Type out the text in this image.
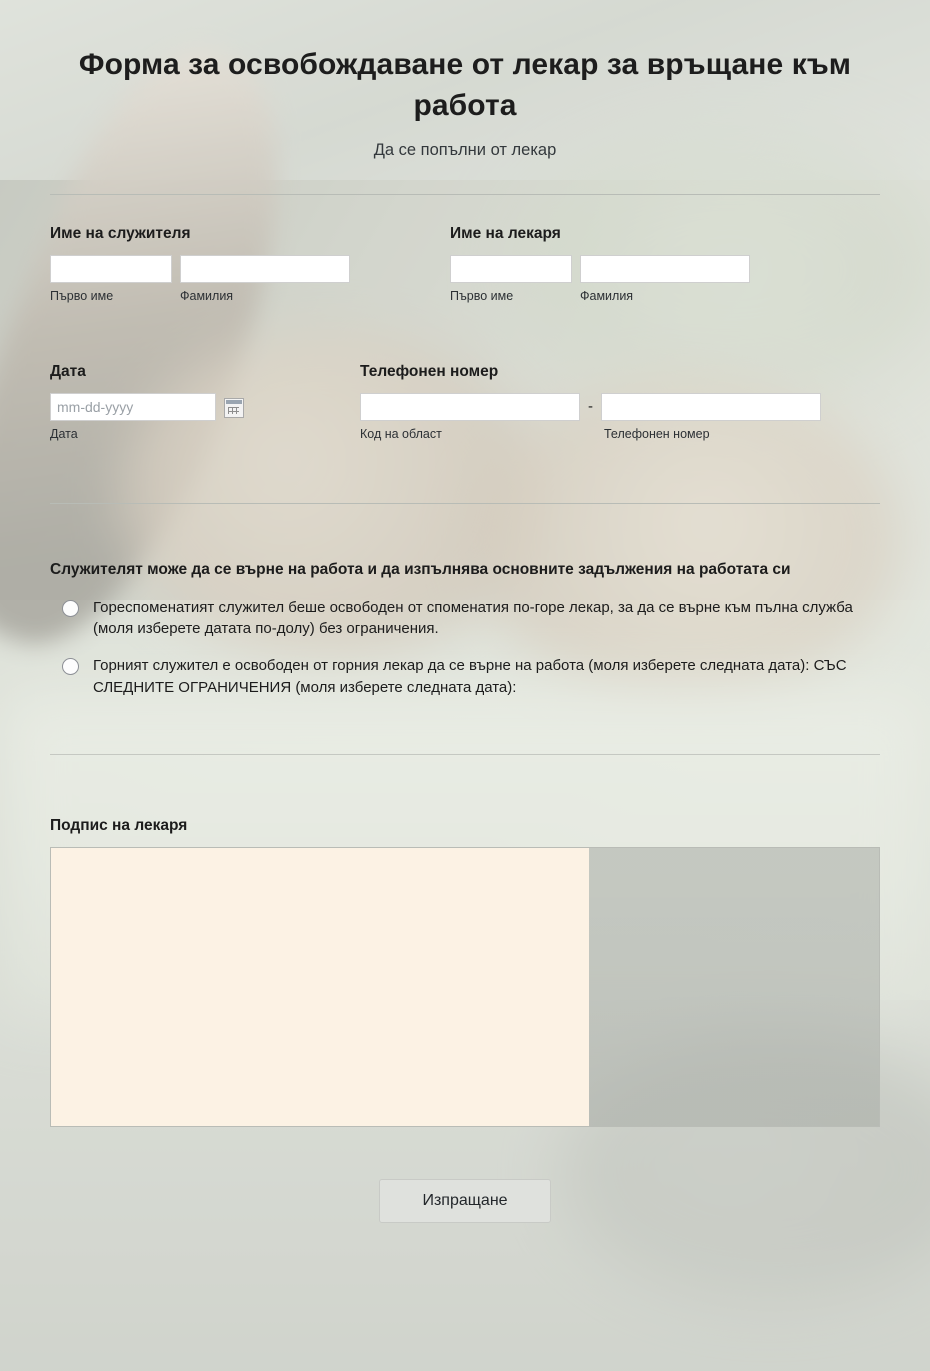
Форма за освобождаване от лекар за връщане към работа
Да се попълни от лекар
Име на служителя
Първо име	Фамилия
Име на лекаря
Първо име	Фамилия
Дата
mm-dd-yyyy
Дата
Телефонен номер
-
Код на област	Телефонен номер
Служителят може да се върне на работа и да изпълнява основните задължения на работата си
Гореспоменатият служител беше освободен от споменатия по-горе лекар, за да се върне към пълна служба (моля изберете датата по-долу) без ограничения.
Горният служител е освободен от горния лекар да се върне на работа (моля изберете следната дата): СЪС СЛЕДНИТЕ ОГРАНИЧЕНИЯ (моля изберете следната дата):
Подпис на лекаря
Изпращане
